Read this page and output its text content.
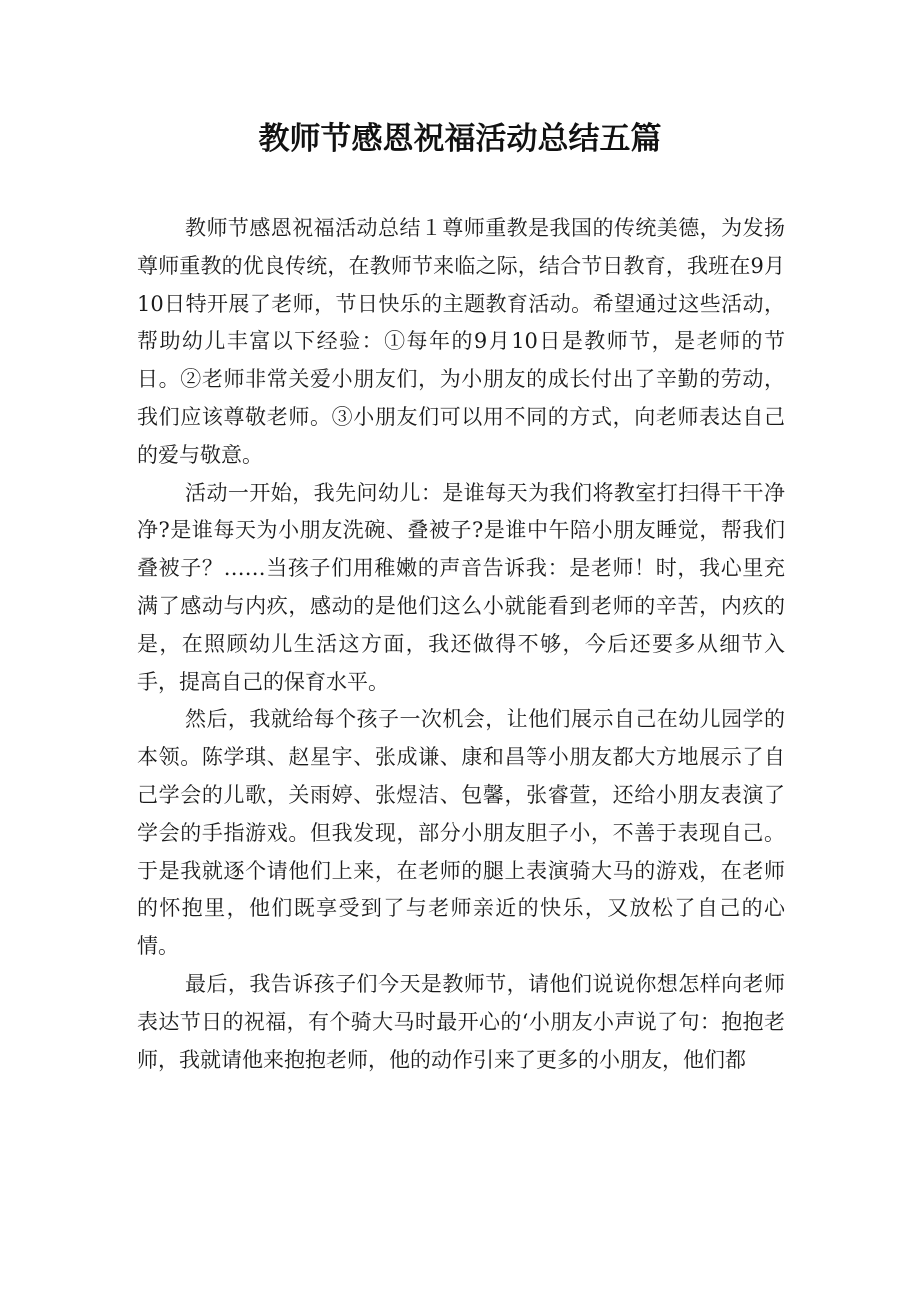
教师节感恩祝福活动总结五篇

教师节感恩祝福活动总结１尊师重教是我国的传统美德，为发扬尊师重教的优良传统，在教师节来临之际，结合节日教育，我班在9月10日特开展了老师，节日快乐的主题教育活动。希望通过这些活动，帮助幼儿丰富以下经验：①每年的9月10日是教师节，是老师的节日。②老师非常关爱小朋友们，为小朋友的成长付出了辛勤的劳动，我们应该尊敬老师。③小朋友们可以用不同的方式，向老师表达自己的爱与敬意。

活动一开始，我先问幼儿：是谁每天为我们将教室打扫得干干净净?是谁每天为小朋友洗碗、叠被子?是谁中午陪小朋友睡觉，帮我们叠被子？……当孩子们用稚嫩的声音告诉我：是老师！时，我心里充满了感动与内疚，感动的是他们这么小就能看到老师的辛苦，内疚的是，在照顾幼儿生活这方面，我还做得不够，今后还要多从细节入手，提高自己的保育水平。

然后，我就给每个孩子一次机会，让他们展示自己在幼儿园学的本领。陈学琪、赵星宇、张成谦、康和昌等小朋友都大方地展示了自己学会的儿歌，关雨婷、张煜洁、包馨，张睿萱，还给小朋友表演了学会的手指游戏。但我发现，部分小朋友胆子小，不善于表现自己。于是我就逐个请他们上来，在老师的腿上表演骑大马的游戏，在老师的怀抱里，他们既享受到了与老师亲近的快乐，又放松了自己的心情。

最后，我告诉孩子们今天是教师节，请他们说说你想怎样向老师表达节日的祝福，有个骑大马时最开心的‘小朋友小声说了句：抱抱老师，我就请他来抱抱老师，他的动作引来了更多的小朋友，他们都
